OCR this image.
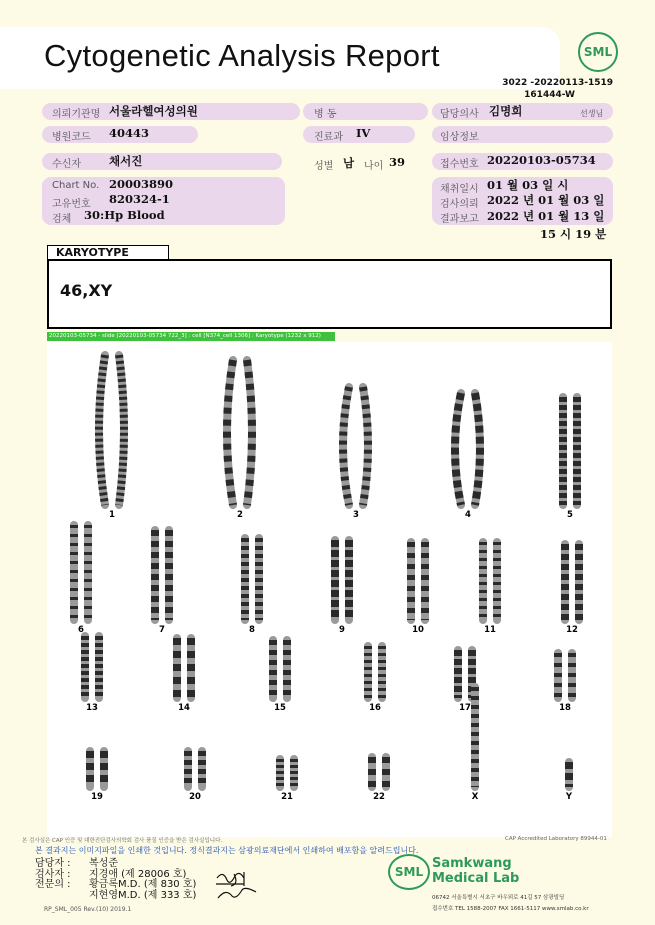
Cytogenetic Analysis Report	SML
3022 -20220113-1519
161444-W
의뢰기관명 서울라헬여성의원	병 동	담당의사 김명희	선생님
병원코드 40443	진료과 IV	임상정보
수신자 채서진	성별 남 나이 39	접수번호 20220103-05734
Chart No. 20003890
고유번호 820324-1
검체 30:Hp Blood
채취일시 01 월 03 일 시
검사의뢰 2022 년 01 월 03 일
결과보고 2022 년 01 월 13 일
15 시 19 분
KARYOTYPE
46,XY
20220103-05734 - slide [20220103-05734 722_3] : cell [N374_cell 1306] : Karyotype (1232 x 912)
1	2	3	4	5
6	7	8	9	10	11	12
13	14	15	16	17	18
19	20	21	22	X	Y
본 검사실은 CAP 인증 및 대한진단검사의학회 검사 품질 인증을 받은 검사실입니다.	CAP Accredited Laboratory 89944-01
본 결과지는 이미지파일을 인쇄한 것입니다. 정식결과지는 삼광의료재단에서 인쇄하여 배포함을 알려드립니다.
담당자 : 복성준
검사자 : 지경애 (제 28006 호)
전문의 : 황금록M.D. (제 830 호)
지현영M.D. (제 333 호)
RP_SML_005 Rev.(10) 2019.1
SML
Samkwang
Medical Lab
06742 서울특별시 서초구 바우뫼로 41길 57 삼광빌딩
접수번호 TEL 1588-2007 FAX 1661-5117 www.smlab.co.kr
